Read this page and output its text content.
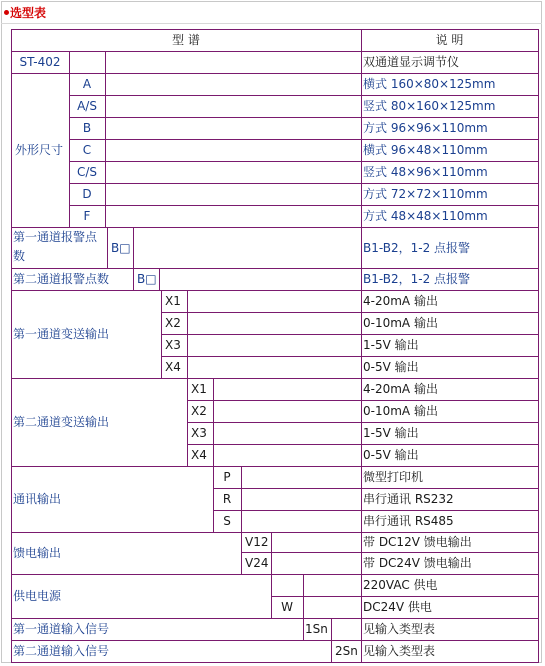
选型表
型 谱	说 明
ST-402	双通道显示调节仪
外形尺寸
A	横式 160×80×125mm
A/S	竖式 80×160×125mm
B	方式 96×96×110mm
C	横式 96×48×110mm
C/S	竖式 48×96×110mm
D	方式 72×72×110mm
F	方式 48×48×110mm
第一通道报警点
数
B□	B1-B2，1-2 点报警
第二通道报警点数 B□	B1-B2，1-2 点报警
第一通道变送输出
X1	4-20mA 输出
X2	0-10mA 输出
X3	1-5V 输出
X4	0-5V 输出
第二通道变送输出
X1	4-20mA 输出
X2	0-10mA 输出
X3	1-5V 输出
X4	0-5V 输出
通讯输出
P	微型打印机
R	串行通讯 RS232
S	串行通讯 RS485
馈电输出
V12	带 DC12V 馈电输出
V24	带 DC24V 馈电输出
供电电源
220VAC 供电
W	DC24V 供电
第一通道输入信号	1Sn	见输入类型表
第二通道输入信号	2Sn 见输入类型表
